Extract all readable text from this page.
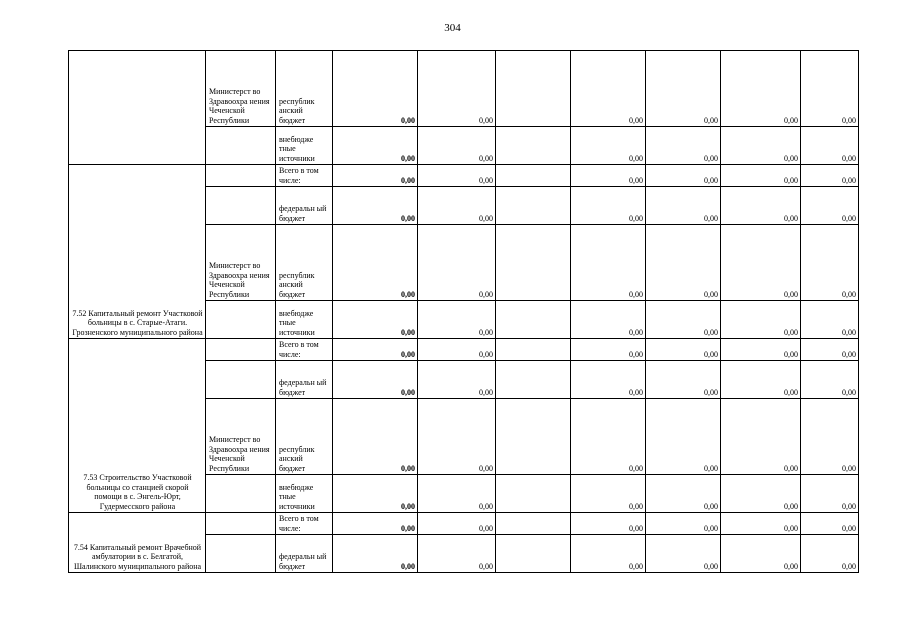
304
	Министерст во Здравоохра нения Чеченской Республики	республик анский бюджет	0,00	0,00		0,00	0,00	0,00	0,00
		внебюдже тные источники	0,00	0,00		0,00	0,00	0,00	0,00
7.52 Капитальный ремонт Участковой больницы в с. Старые-Атаги. Грозненского муниципального района		Всего в том числе:	0,00	0,00		0,00	0,00	0,00	0,00
		федеральн ый бюджет	0,00	0,00		0,00	0,00	0,00	0,00
	Министерст во Здравоохра нения Чеченской Республики	республик анский бюджет	0,00	0,00		0,00	0,00	0,00	0,00
		внебюдже тные источники	0,00	0,00		0,00	0,00	0,00	0,00
7.53 Строительство Участковой больницы со станцией скорой помощи в с. Энгель-Юрт, Гудермесского района		Всего в том числе:	0,00	0,00		0,00	0,00	0,00	0,00
		федеральн ый бюджет	0,00	0,00		0,00	0,00	0,00	0,00
	Министерст во Здравоохра нения Чеченской Республики	республик анский бюджет	0,00	0,00		0,00	0,00	0,00	0,00
		внебюдже тные источники	0,00	0,00		0,00	0,00	0,00	0,00
7.54 Капитальный ремонт Врачебной амбулатории в с. Белгатой, Шалинского муниципального района		Всего в том числе:	0,00	0,00		0,00	0,00	0,00	0,00
		федеральн ый бюджет	0,00	0,00		0,00	0,00	0,00	0,00
